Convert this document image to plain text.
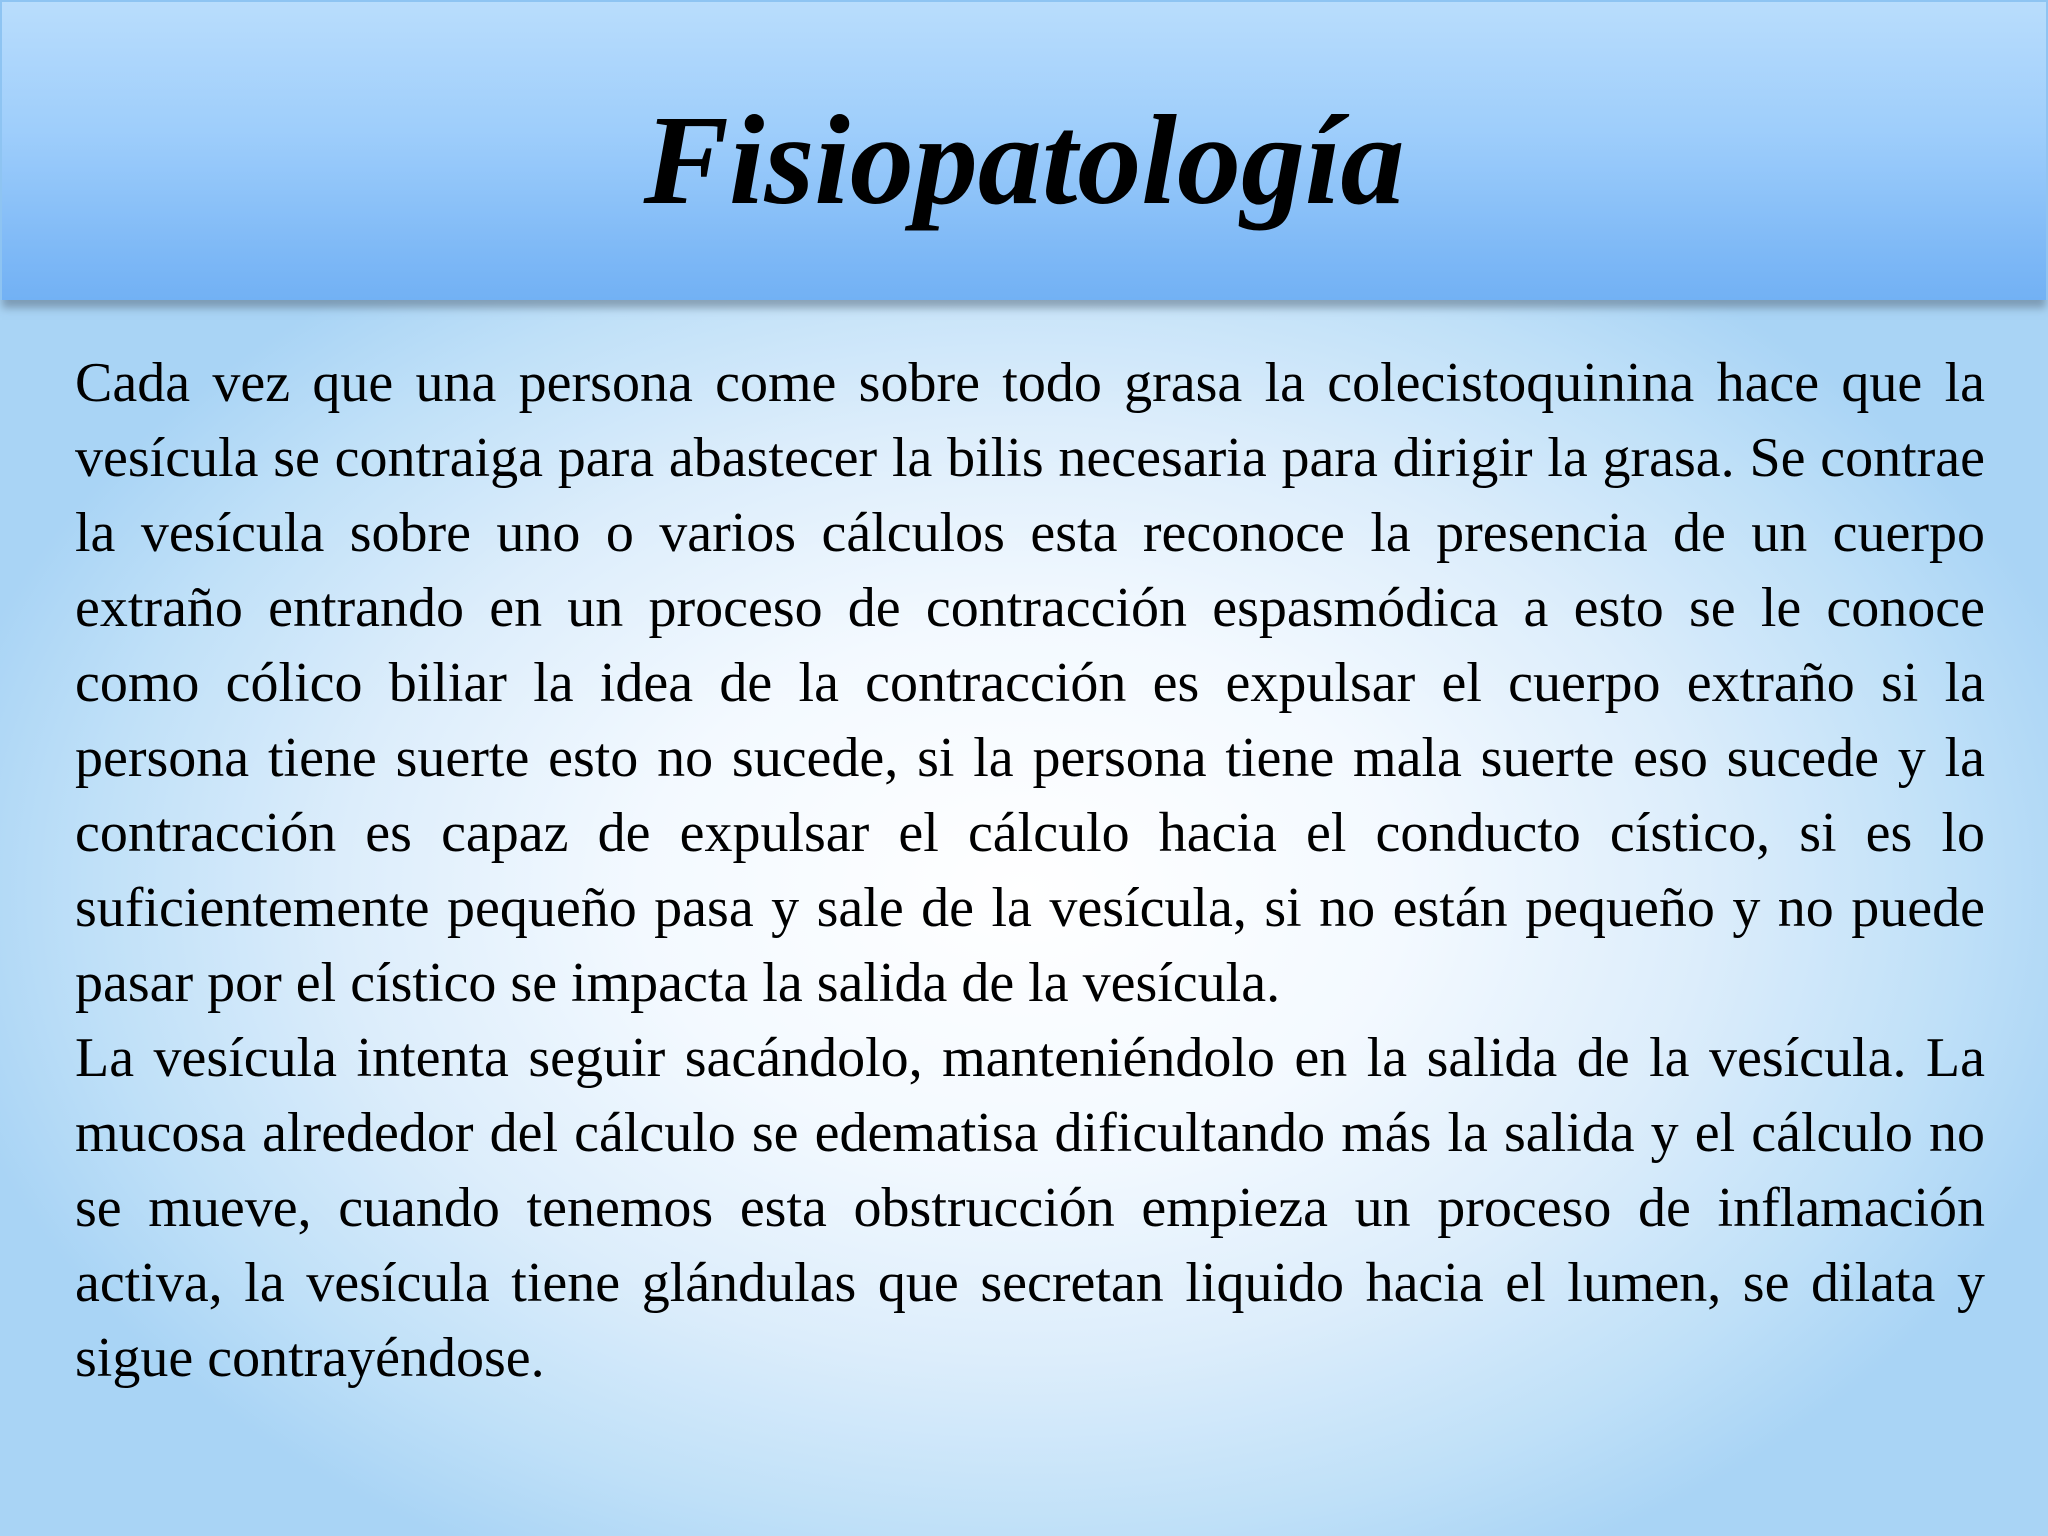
Fisiopatología

Cada vez que una persona come sobre todo grasa la colecistoquinina hace que la vesícula se contraiga para abastecer la bilis necesaria para dirigir la grasa. Se contrae la vesícula sobre uno o varios cálculos esta reconoce la presencia de un cuerpo extraño entrando en un proceso de contracción espasmódica a esto se le conoce como cólico biliar la idea de la contracción es expulsar el cuerpo extraño si la persona tiene suerte esto no sucede, si la persona tiene mala suerte eso sucede y la contracción es capaz de expulsar el cálculo hacia el conducto cístico, si es lo suficientemente pequeño pasa y sale de la vesícula, si no están pequeño y no puede pasar por el cístico se impacta la salida de la vesícula.

La vesícula intenta seguir sacándolo, manteniéndolo en la salida de la vesícula. La mucosa alrededor del cálculo se edematisa dificultando más la salida y el cálculo no se mueve, cuando tenemos esta obstrucción empieza un proceso de inflamación activa, la vesícula tiene glándulas que secretan liquido hacia el lumen, se dilata y sigue contrayéndose.
